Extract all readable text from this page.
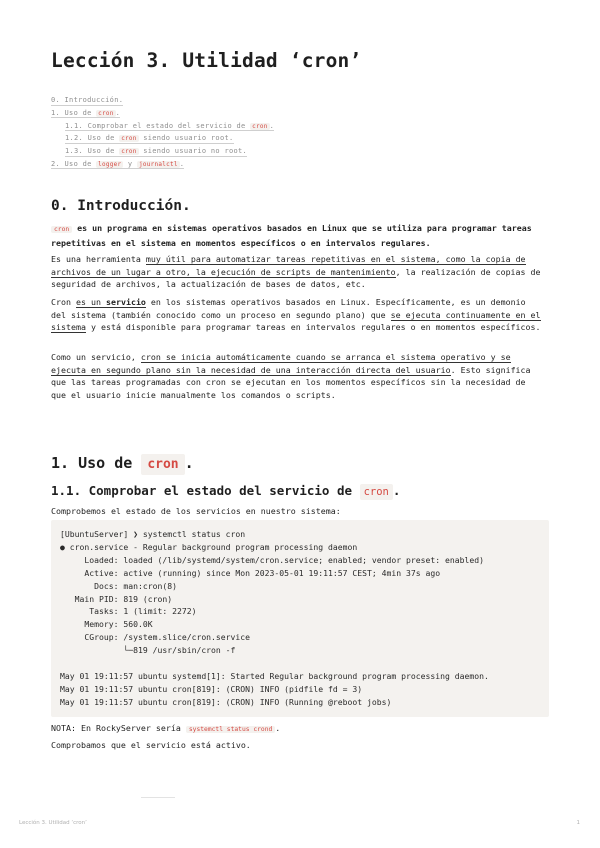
Lección 3. Utilidad ‘cron’
0. Introducción.
1. Uso de cron .
1.1. Comprobar el estado del servicio de cron .
1.2. Uso de cron siendo usuario root.
1.3. Uso de cron siendo usuario no root.
2. Uso de logger y journalctl .
0. Introducción.
cron es un programa en sistemas operativos basados en Linux que se utiliza para programar tareas repetitivas en el sistema en momentos específicos o en intervalos regulares.
Es una herramienta muy útil para automatizar tareas repetitivas en el sistema, como la copia de archivos de un lugar a otro, la ejecución de scripts de mantenimiento, la realización de copias de seguridad de archivos, la actualización de bases de datos, etc.
Cron es un servicio en los sistemas operativos basados en Linux. Específicamente, es un demonio del sistema (también conocido como un proceso en segundo plano) que se ejecuta continuamente en el sistema y está disponible para programar tareas en intervalos regulares o en momentos específicos.
Como un servicio, cron se inicia automáticamente cuando se arranca el sistema operativo y se ejecuta en segundo plano sin la necesidad de una interacción directa del usuario. Esto significa que las tareas programadas con cron se ejecutan en los momentos específicos sin la necesidad de que el usuario inicie manualmente los comandos o scripts.
1. Uso de cron .
1.1. Comprobar el estado del servicio de cron .
Comprobemos el estado de los servicios en nuestro sistema:
[UbuntuServer] ❯ systemctl status cron
● cron.service - Regular background program processing daemon
Loaded: loaded (/lib/systemd/system/cron.service; enabled; vendor preset: enabled)
Active: active (running) since Mon 2023-05-01 19:11:57 CEST; 4min 37s ago
Docs: man:cron(8)
Main PID: 819 (cron)
Tasks: 1 (limit: 2272)
Memory: 560.0K
CGroup: /system.slice/cron.service
└─819 /usr/sbin/cron -f

May 01 19:11:57 ubuntu systemd[1]: Started Regular background program processing daemon.
May 01 19:11:57 ubuntu cron[819]: (CRON) INFO (pidfile fd = 3)
May 01 19:11:57 ubuntu cron[819]: (CRON) INFO (Running @reboot jobs)
NOTA: En RockyServer sería systemctl status crond .
Comprobamos que el servicio está activo.
Lección 3. Utilidad ‘cron’	1
